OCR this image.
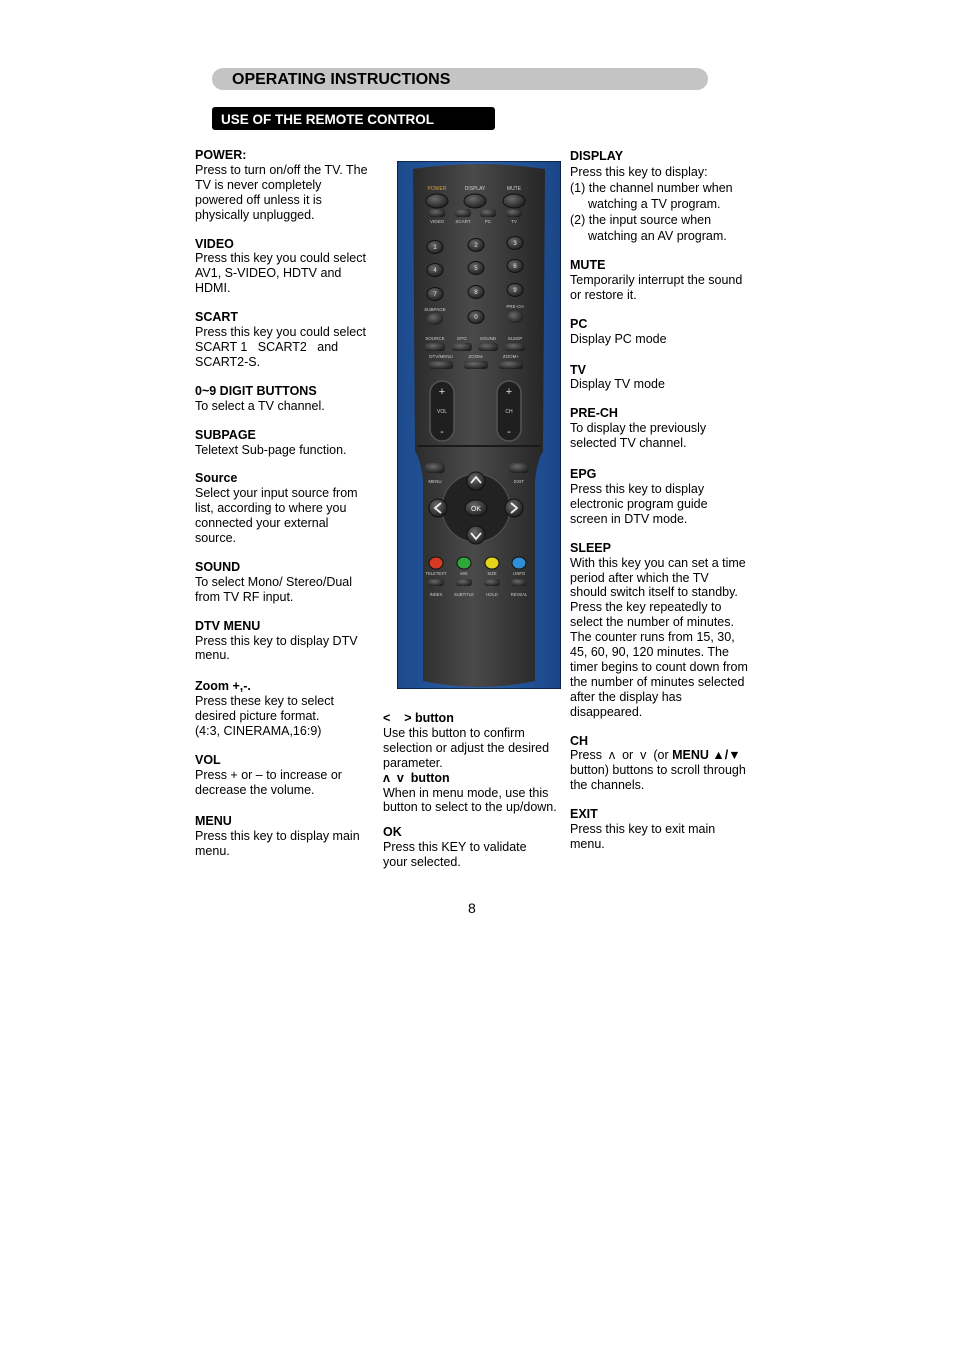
OPERATING INSTRUCTIONS
USE OF THE REMOTE CONTROL
POWER:
Press to turn on/off the TV. The
TV is never completely
powered off unless it is
physically unplugged.
VIDEO
Press this key you could select
AV1, S-VIDEO, HDTV and
HDMI.
SCART
Press this key you could select
SCART 1   SCART2   and
SCART2-S.
0~9 DIGIT BUTTONS
To select a TV channel.
SUBPAGE
Teletext Sub-page function.
Source
Select your input source from
list, according to where you
connected your external
source.
SOUND
To select Mono/ Stereo/Dual
from TV RF input.
DTV MENU
Press this key to display DTV
menu.
Zoom +,-.
Press these key to select
desired picture format.
(4:3, CINERAMA,16:9)
VOL
Press + or – to increase or
decrease the volume.
MENU
Press this key to display main
menu.
<    > button
Use this button to confirm
selection or adjust the desired
parameter.
ʌ  v  button
When in menu mode, use this
button to select to the up/down.
OK
Press this KEY to validate
your selected.
DISPLAY
Press this key to display:
(1) the channel number when
watching a TV program.
(2) the input source when
watching an AV program.
MUTE
Temporarily interrupt the sound
or restore it.
PC
Display PC mode
TV
Display TV mode
PRE-CH
To display the previously
selected TV channel.
EPG
Press this key to display
electronic program guide
screen in DTV mode.
SLEEP
With this key you can set a time
period after which the TV
should switch itself to standby.
Press the key repeatedly to
select the number of minutes.
The counter runs from 15, 30,
45, 60, 90, 120 minutes. The
timer begins to count down from
the number of minutes selected
after the display has
disappeared.
CH
Press  ʌ  or  v  (or MENU ▲/▼
button) buttons to scroll through
the channels.
EXIT
Press this key to exit main
menu.
POWER	DISPLAY	MUTE
VIDEO	SCART	PC	TV
1	2	3
4	5	6
7	8	9
0
SUBPAGE
PRE-CH
SOURCE	EPG	SOUND	SLEEP
DTV/MENU	ZOOM-	ZOOM+
+
VOL
-
+
CH
-
MENU	EXIT
OK
TELETEXT
INDEX
MIX
SUBTITLE
SIZE
HOLD
I.INFO
REVEAL
8
